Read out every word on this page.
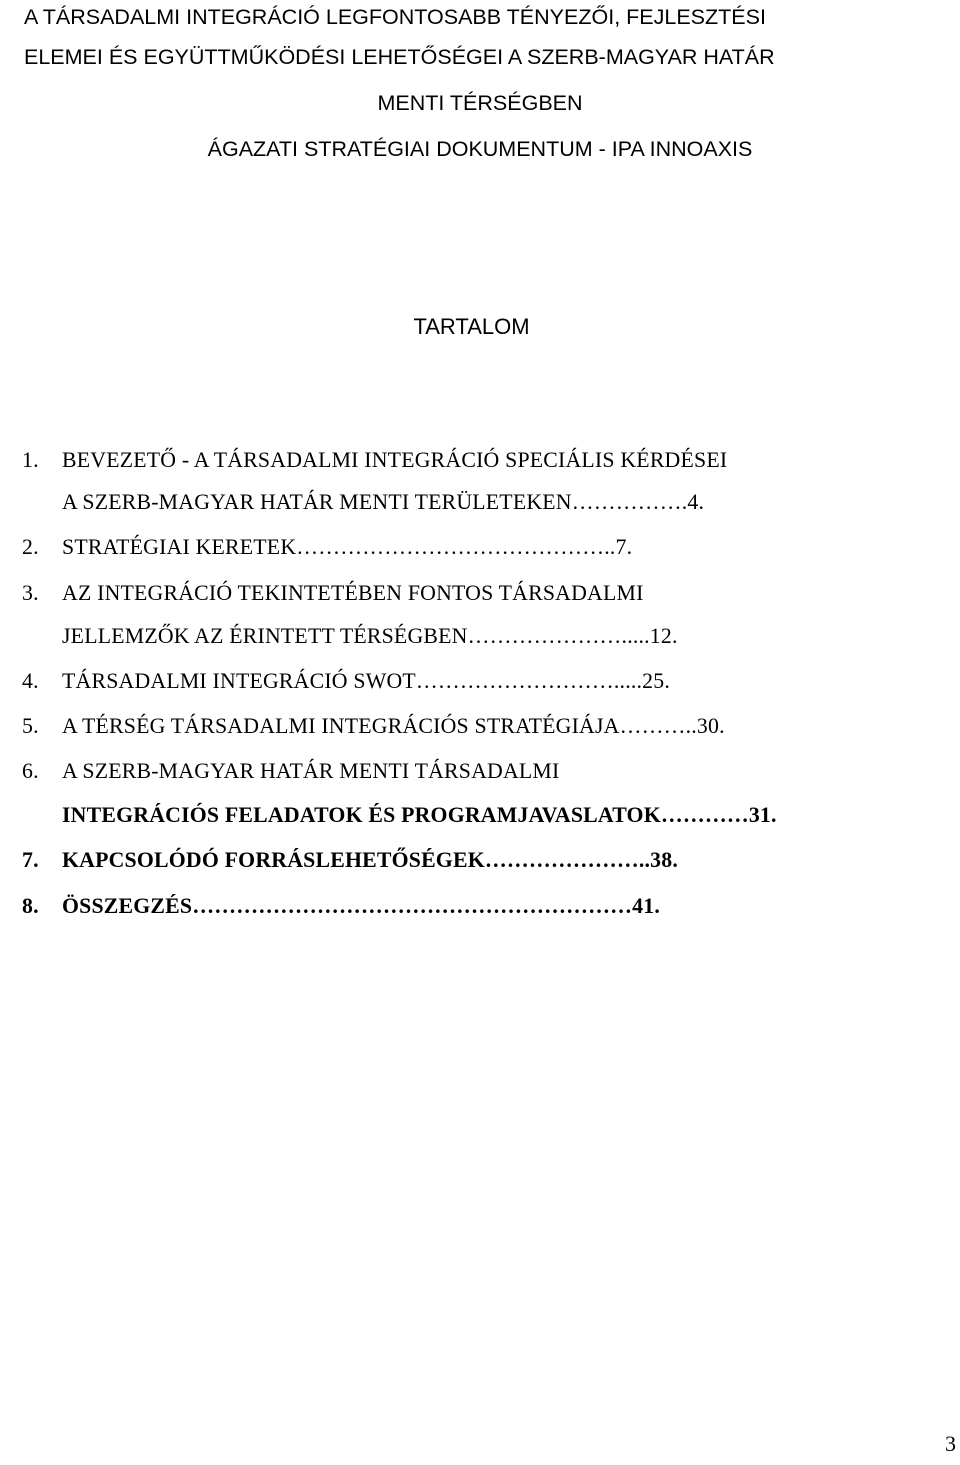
A TÁRSADALMI INTEGRÁCIÓ LEGFONTOSABB TÉNYEZŐI, FEJLESZTÉSI
ELEMEI ÉS EGYÜTTMŰKÖDÉSI LEHETŐSÉGEI A SZERB-MAGYAR HATÁR
MENTI TÉRSÉGBEN
ÁGAZATI STRATÉGIAI DOKUMENTUM - IPA INNOAXIS
TARTALOM
1. BEVEZETŐ - A TÁRSADALMI INTEGRÁCIÓ SPECIÁLIS KÉRDÉSEI
A SZERB-MAGYAR HATÁR MENTI TERÜLETEKEN…………….4.
2. STRATÉGIAI KERETEK……………………………………..7.
3. AZ INTEGRÁCIÓ TEKINTETÉBEN FONTOS TÁRSADALMI
JELLEMZŐK AZ ÉRINTETT TÉRSÉGBEN………………….....12.
4. TÁRSADALMI INTEGRÁCIÓ SWOT……………………….....25.
5. A TÉRSÉG TÁRSADALMI INTEGRÁCIÓS STRATÉGIÁJA………..30.
6. A SZERB-MAGYAR HATÁR MENTI TÁRSADALMI
INTEGRÁCIÓS FELADATOK ÉS PROGRAMJAVASLATOK…………31.
7. KAPCSOLÓDÓ FORRÁSLEHETŐSÉGEK…………………..38.
8. ÖSSZEGZÉS……………………………………………………41.
3
